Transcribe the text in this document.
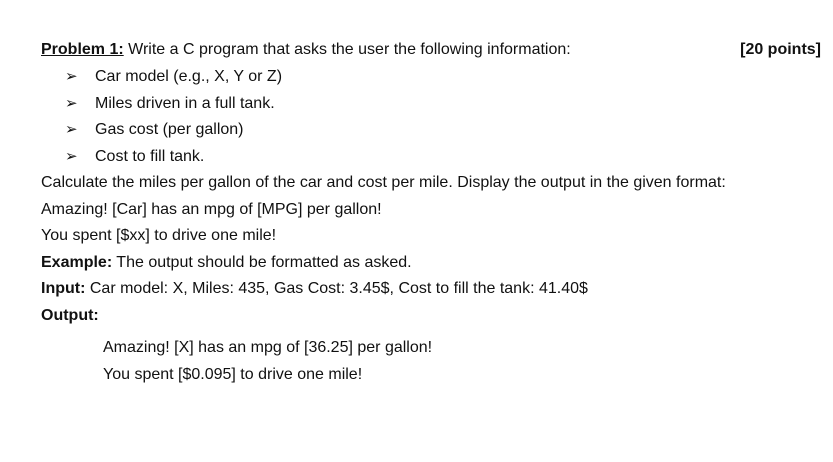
Problem 1: Write a C program that asks the user the following information:	[20 points]
➢ Car model (e.g., X, Y or Z)
➢ Miles driven in a full tank.
➢ Gas cost (per gallon)
➢ Cost to fill tank.
Calculate the miles per gallon of the car and cost per mile. Display the output in the given format:
Amazing! [Car] has an mpg of [MPG] per gallon!
You spent [$xx] to drive one mile!
Example: The output should be formatted as asked.
Input: Car model: X, Miles: 435, Gas Cost: 3.45$, Cost to fill the tank: 41.40$
Output:
Amazing! [X] has an mpg of [36.25] per gallon!
You spent [$0.095] to drive one mile!
